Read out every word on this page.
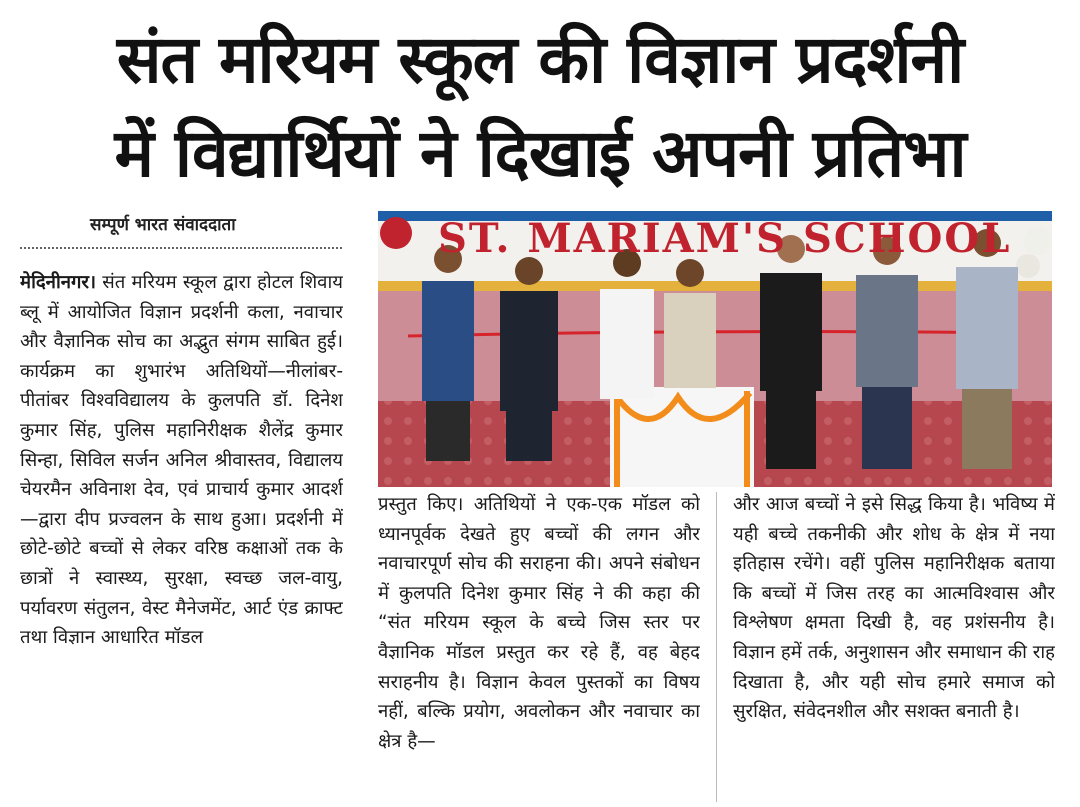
संत मरियम स्कूल की विज्ञान प्रदर्शनी
में विद्यार्थियों ने दिखाई अपनी प्रतिभा
सम्पूर्ण भारत संवाददाता

मेदिनीनगर। संत मरियम स्कूल द्वारा होटल शिवाय ब्लू में आयोजित विज्ञान प्रदर्शनी कला, नवाचार और वैज्ञानिक सोच का अद्भुत संगम साबित हुई। कार्यक्रम का शुभारंभ अतिथियों—नीलांबर-पीतांबर विश्वविद्यालय के कुलपति डॉ. दिनेश कुमार सिंह, पुलिस महानिरीक्षक शैलेंद्र कुमार सिन्हा, सिविल सर्जन अनिल श्रीवास्तव, विद्यालय चेयरमैन अविनाश देव, एवं प्राचार्य कुमार आदर्श—द्वारा दीप प्रज्वलन के साथ हुआ। प्रदर्शनी में छोटे-छोटे बच्चों से लेकर वरिष्ठ कक्षाओं तक के छात्रों ने स्वास्थ्य, सुरक्षा, स्वच्छ जल-वायु, पर्यावरण संतुलन, वेस्ट मैनेजमेंट, आर्ट एंड क्राफ्ट तथा विज्ञान आधारित मॉडल

ST. MARIAM'S SCHOOL

प्रस्तुत किए। अतिथियों ने एक-एक मॉडल को ध्यानपूर्वक देखते हुए बच्चों की लगन और नवाचारपूर्ण सोच की सराहना की। अपने संबोधन में कुलपति दिनेश कुमार सिंह ने की कहा की “संत मरियम स्कूल के बच्चे जिस स्तर पर वैज्ञानिक मॉडल प्रस्तुत कर रहे हैं, वह बेहद सराहनीय है। विज्ञान केवल पुस्तकों का विषय नहीं, बल्कि प्रयोग, अवलोकन और नवाचार का क्षेत्र है—

और आज बच्चों ने इसे सिद्ध किया है। भविष्य में यही बच्चे तकनीकी और शोध के क्षेत्र में नया इतिहास रचेंगे। वहीं पुलिस महानिरीक्षक बताया कि बच्चों में जिस तरह का आत्मविश्वास और विश्लेषण क्षमता दिखी है, वह प्रशंसनीय है। विज्ञान हमें तर्क, अनुशासन और समाधान की राह दिखाता है, और यही सोच हमारे समाज को सुरक्षित, संवेदनशील और सशक्त बनाती है।
